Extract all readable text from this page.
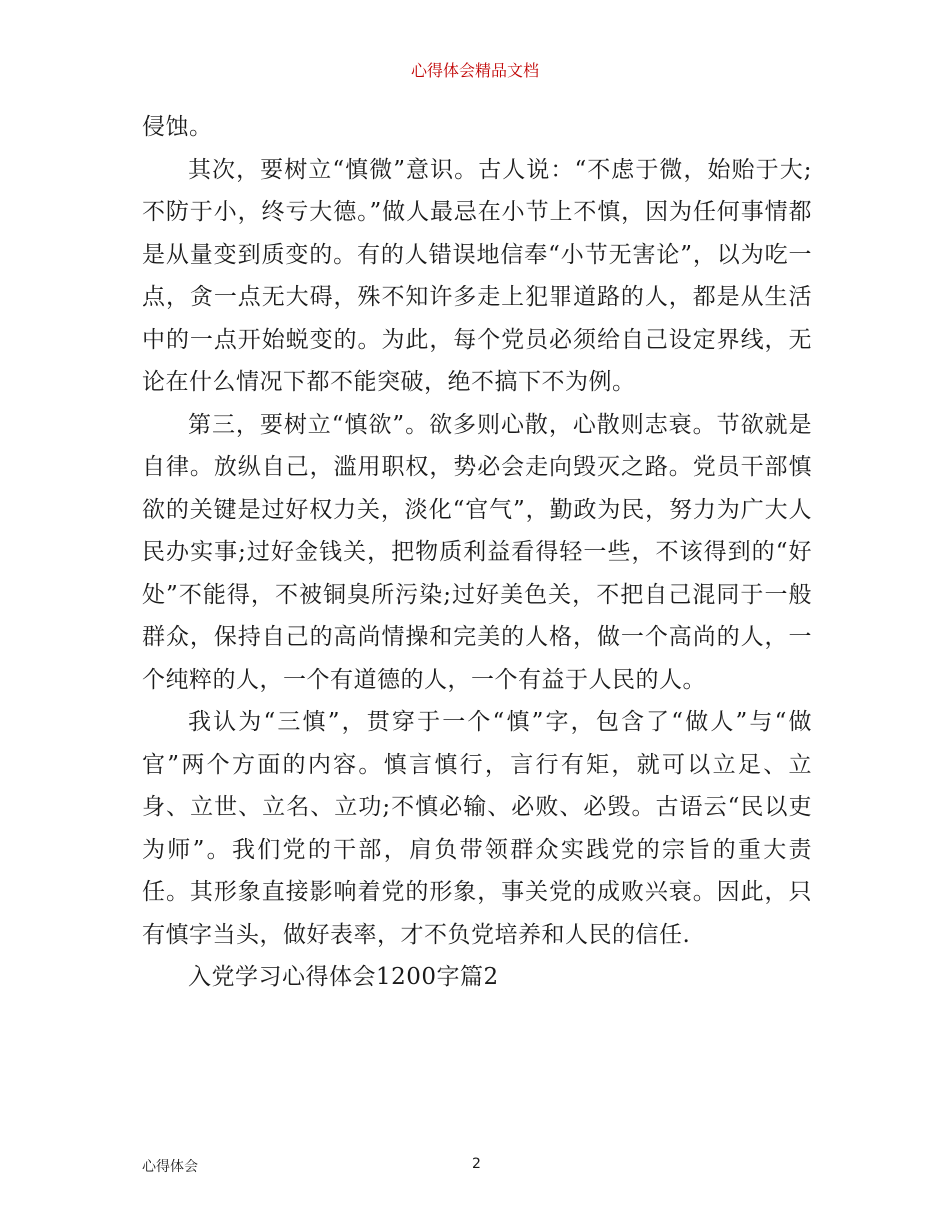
心得体会精品文档

侵蚀。

其次，要树立“慎微”意识。古人说：“不虑于微，始贻于大;不防于小，终亏大德。”做人最忌在小节上不慎，因为任何事情都是从量变到质变的。有的人错误地信奉“小节无害论”，以为吃一点，贪一点无大碍，殊不知许多走上犯罪道路的人，都是从生活中的一点开始蜕变的。为此，每个党员必须给自己设定界线，无论在什么情况下都不能突破，绝不搞下不为例。

第三，要树立“慎欲”。欲多则心散，心散则志衰。节欲就是自律。放纵自己，滥用职权，势必会走向毁灭之路。党员干部慎欲的关键是过好权力关，淡化“官气”，勤政为民，努力为广大人民办实事;过好金钱关，把物质利益看得轻一些，不该得到的“好处”不能得，不被铜臭所污染;过好美色关，不把自己混同于一般群众，保持自己的高尚情操和完美的人格，做一个高尚的人，一个纯粹的人，一个有道德的人，一个有益于人民的人。

我认为“三慎”，贯穿于一个“慎”字，包含了“做人”与“做官”两个方面的内容。慎言慎行，言行有矩，就可以立足、立身、立世、立名、立功;不慎必输、必败、必毁。古语云“民以吏为师”。我们党的干部，肩负带领群众实践党的宗旨的重大责任。其形象直接影响着党的形象，事关党的成败兴衰。因此，只有慎字当头，做好表率，才不负党培养和人民的信任.

入党学习心得体会1200字篇2

心得体会	2
